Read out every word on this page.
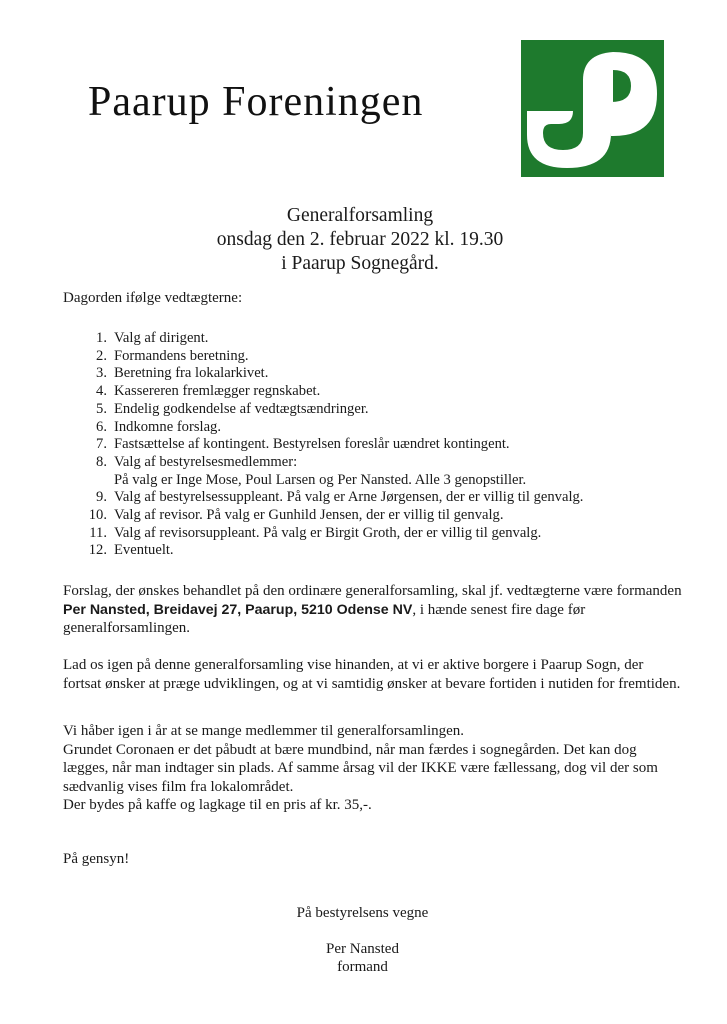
Paarup Foreningen
Generalforsamling
onsdag den 2. februar 2022 kl. 19.30
i Paarup Sognegård.
Dagorden ifølge vedtægterne:
1. Valg af dirigent.
2. Formandens beretning.
3. Beretning fra lokalarkivet.
4. Kassereren fremlægger regnskabet.
5. Endelig godkendelse af vedtægtsændringer.
6. Indkomne forslag.
7. Fastsættelse af kontingent. Bestyrelsen foreslår uændret kontingent.
8. Valg af bestyrelsesmedlemmer:
På valg er Inge Mose, Poul Larsen og Per Nansted. Alle 3 genopstiller.
9. Valg af bestyrelsessuppleant. På valg er Arne Jørgensen, der er villig til genvalg.
10. Valg af revisor. På valg er Gunhild Jensen, der er villig til genvalg.
11. Valg af revisorsuppleant. På valg er Birgit Groth, der er villig til genvalg.
12. Eventuelt.
Forslag, der ønskes behandlet på den ordinære generalforsamling, skal jf. vedtægterne være formanden Per Nansted, Breidavej 27, Paarup, 5210 Odense NV, i hænde senest fire dage før generalforsamlingen.
Lad os igen på denne generalforsamling vise hinanden, at vi er aktive borgere i Paarup Sogn, der fortsat ønsker at præge udviklingen, og at vi samtidig ønsker at bevare fortiden i nutiden for fremtiden.
Vi håber igen i år at se mange medlemmer til generalforsamlingen.
Grundet Coronaen er det påbudt at bære mundbind, når man færdes i sognegården. Det kan dog lægges, når man indtager sin plads. Af samme årsag vil der IKKE være fællessang, dog vil der som sædvanlig vises film fra lokalområdet.
Der bydes på kaffe og lagkage til en pris af kr. 35,-.
På gensyn!
På bestyrelsens vegne
Per Nansted
formand
